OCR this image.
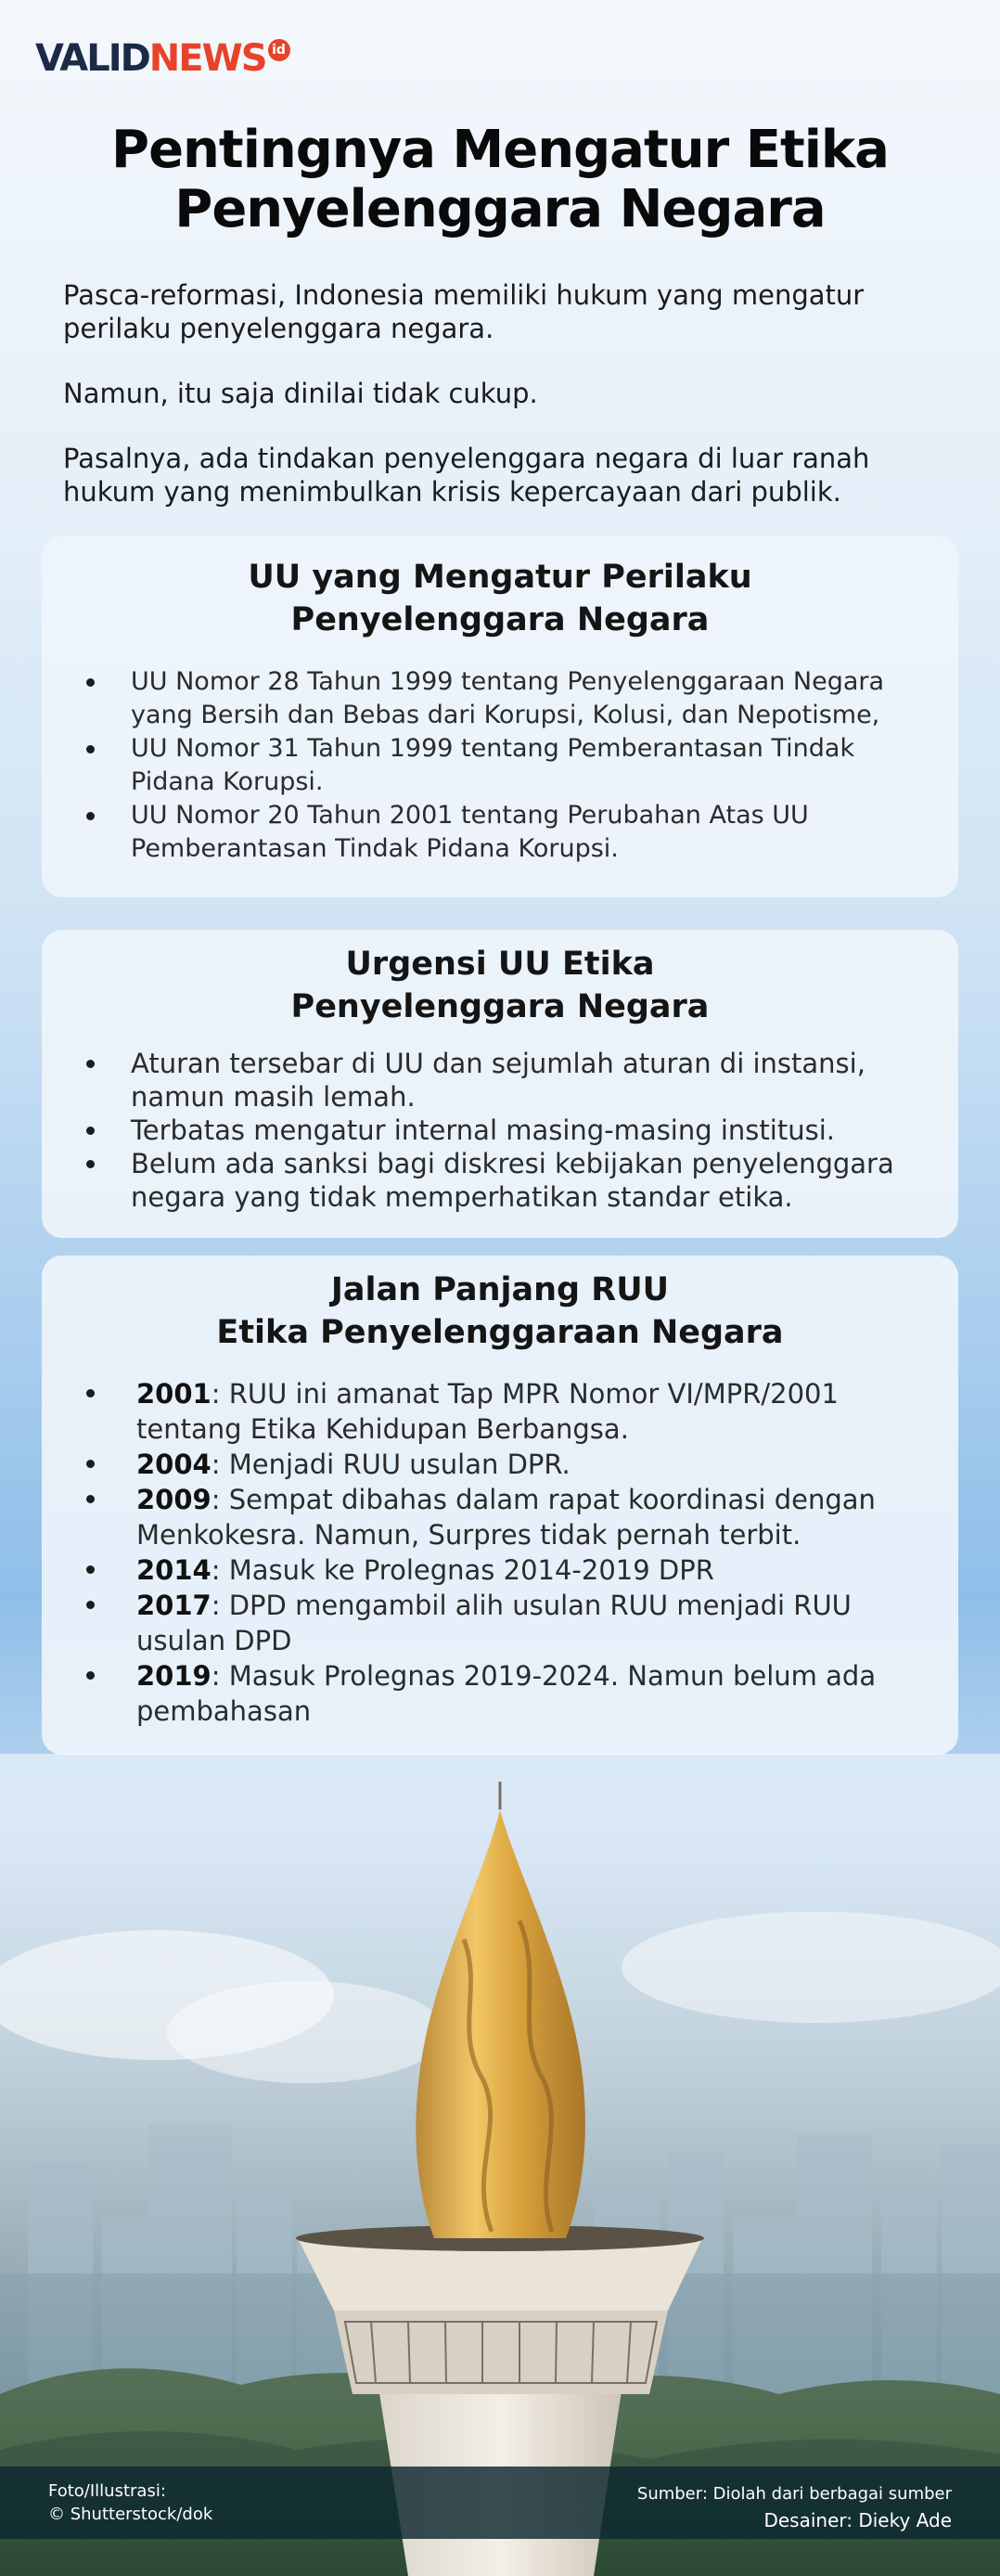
VALID NEWS id
Pentingnya Mengatur Etika
Penyelenggara Negara

Pasca-reformasi, Indonesia memiliki hukum yang mengatur perilaku penyelenggara negara.

Namun, itu saja dinilai tidak cukup.

Pasalnya, ada tindakan penyelenggara negara di luar ranah hukum yang menimbulkan krisis kepercayaan dari publik.

UU yang Mengatur Perilaku
Penyelenggara Negara
UU Nomor 28 Tahun 1999 tentang Penyelenggaraan Negara yang Bersih dan Bebas dari Korupsi, Kolusi, dan Nepotisme,
UU Nomor 31 Tahun 1999 tentang Pemberantasan Tindak Pidana Korupsi.
UU Nomor 20 Tahun 2001 tentang Perubahan Atas UU Pemberantasan Tindak Pidana Korupsi.
Urgensi UU Etika
Penyelenggara Negara
Aturan tersebar di UU dan sejumlah aturan di instansi, namun masih lemah.
Terbatas mengatur internal masing-masing institusi.
Belum ada sanksi bagi diskresi kebijakan penyelenggara negara yang tidak memperhatikan standar etika.
Jalan Panjang RUU
Etika Penyelenggaraan Negara
2001: RUU ini amanat Tap MPR Nomor VI/MPR/2001 tentang Etika Kehidupan Berbangsa.
2004: Menjadi RUU usulan DPR.
2009: Sempat dibahas dalam rapat koordinasi dengan Menkokesra. Namun, Surpres tidak pernah terbit.
2014: Masuk ke Prolegnas 2014-2019 DPR
2017: DPD mengambil alih usulan RUU menjadi RUU usulan DPD
2019: Masuk Prolegnas 2019-2024. Namun belum ada pembahasan
Foto/Illustrasi:
© Shutterstock/dok
Sumber: Diolah dari berbagai sumber
Desainer: Dieky Ade
